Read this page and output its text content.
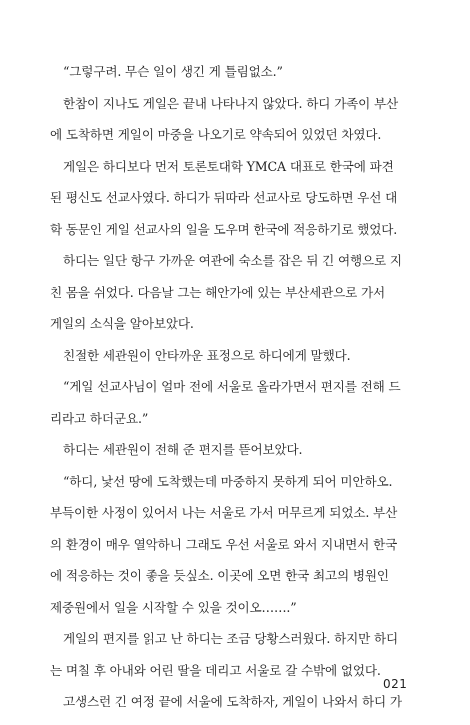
“그렇구려. 무슨 일이 생긴 게 틀림없소.”
한참이 지나도 게일은 끝내 나타나지 않았다. 하디 가족이 부산
에 도착하면 게일이 마중을 나오기로 약속되어 있었던 차였다.
게일은 하디보다 먼저 토론토대학 YMCA 대표로 한국에 파견
된 평신도 선교사였다. 하디가 뒤따라 선교사로 당도하면 우선 대
학 동문인 게일 선교사의 일을 도우며 한국에 적응하기로 했었다.
하디는 일단 항구 가까운 여관에 숙소를 잡은 뒤 긴 여행으로 지
친 몸을 쉬었다. 다음날 그는 해안가에 있는 부산세관으로 가서
게일의 소식을 알아보았다.
친절한 세관원이 안타까운 표정으로 하디에게 말했다.
“게일 선교사님이 얼마 전에 서울로 올라가면서 편지를 전해 드
리라고 하더군요.”
하디는 세관원이 전해 준 편지를 뜯어보았다.
“하디, 낯선 땅에 도착했는데 마중하지 못하게 되어 미안하오.
부득이한 사정이 있어서 나는 서울로 가서 머무르게 되었소. 부산
의 환경이 매우 열악하니 그래도 우선 서울로 와서 지내면서 한국
에 적응하는 것이 좋을 듯싶소. 이곳에 오면 한국 최고의 병원인
제중원에서 일을 시작할 수 있을 것이오…….”
게일의 편지를 읽고 난 하디는 조금 당황스러웠다. 하지만 하디
는 며칠 후 아내와 어린 딸을 데리고 서울로 갈 수밖에 없었다.
고생스런 긴 여정 끝에 서울에 도착하자, 게일이 나와서 하디 가
021
